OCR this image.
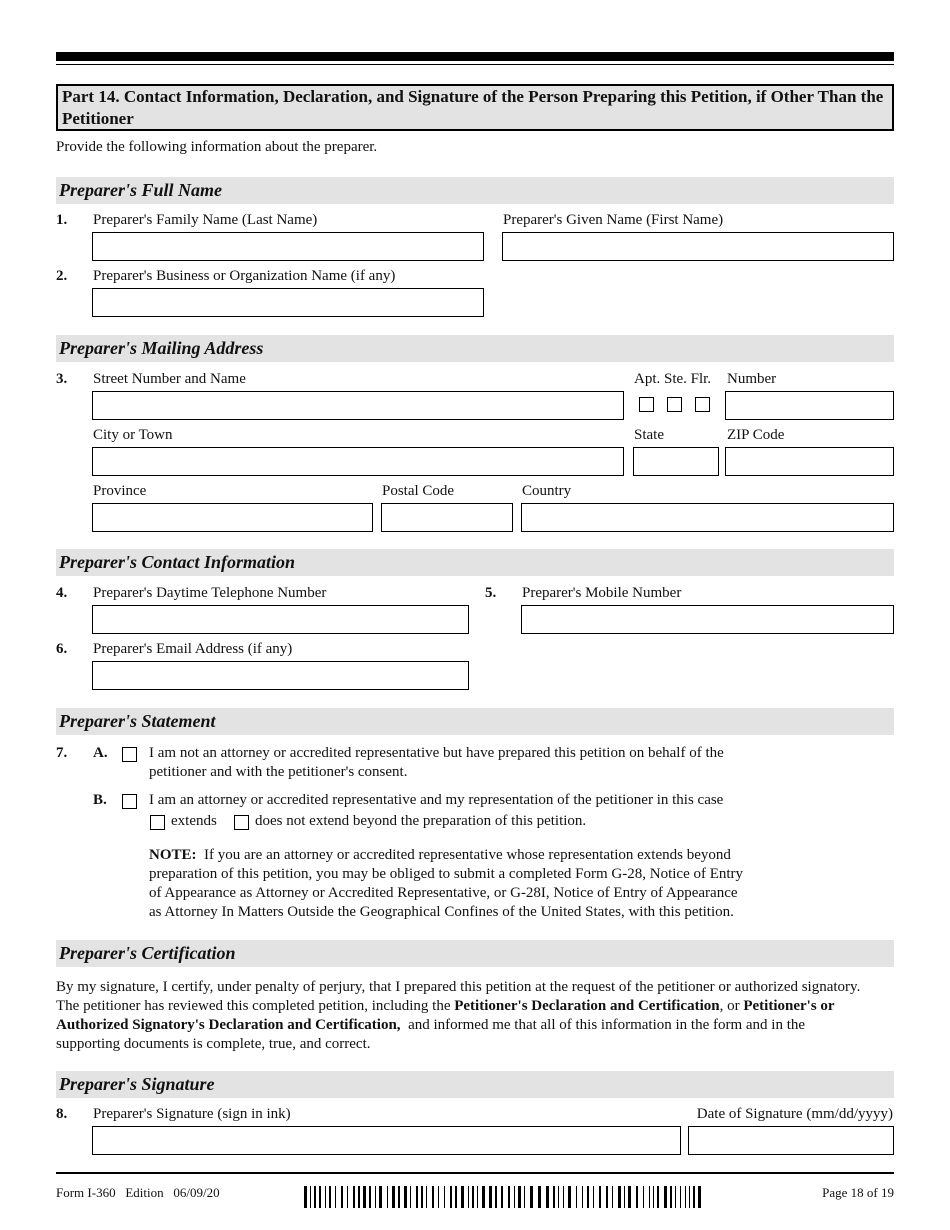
Part 14. Contact Information, Declaration, and Signature of the Person Preparing this Petition, if Other Than the Petitioner
Provide the following information about the preparer.
Preparer's Full Name
1. Preparer's Family Name (Last Name)	Preparer's Given Name (First Name)
2. Preparer's Business or Organization Name (if any)
Preparer's Mailing Address
3. Street Number and Name	Apt. Ste. Flr. Number
City or Town	State	ZIP Code
Province	Postal Code	Country
Preparer's Contact Information
4. Preparer's Daytime Telephone Number	5. Preparer's Mobile Number
6. Preparer's Email Address (if any)
Preparer's Statement
7. A.	I am not an attorney or accredited representative but have prepared this petition on behalf of the
petitioner and with the petitioner's consent.
B.	I am an attorney or accredited representative and my representation of the petitioner in this case
extends	does not extend beyond the preparation of this petition.
NOTE: If you are an attorney or accredited representative whose representation extends beyond
preparation of this petition, you may be obliged to submit a completed Form G-28, Notice of Entry
of Appearance as Attorney or Accredited Representative, or G-28I, Notice of Entry of Appearance
as Attorney In Matters Outside the Geographical Confines of the United States, with this petition.
Preparer's Certification
By my signature, I certify, under penalty of perjury, that I prepared this petition at the request of the petitioner or authorized signatory.
The petitioner has reviewed this completed petition, including the Petitioner's Declaration and Certification, or Petitioner's or
Authorized Signatory's Declaration and Certification,  and informed me that all of this information in the form and in the
supporting documents is complete, true, and correct.
Preparer's Signature
8. Preparer's Signature (sign in ink)	Date of Signature (mm/dd/yyyy)
Form I-360   Edition   06/09/20	Page 18 of 19
